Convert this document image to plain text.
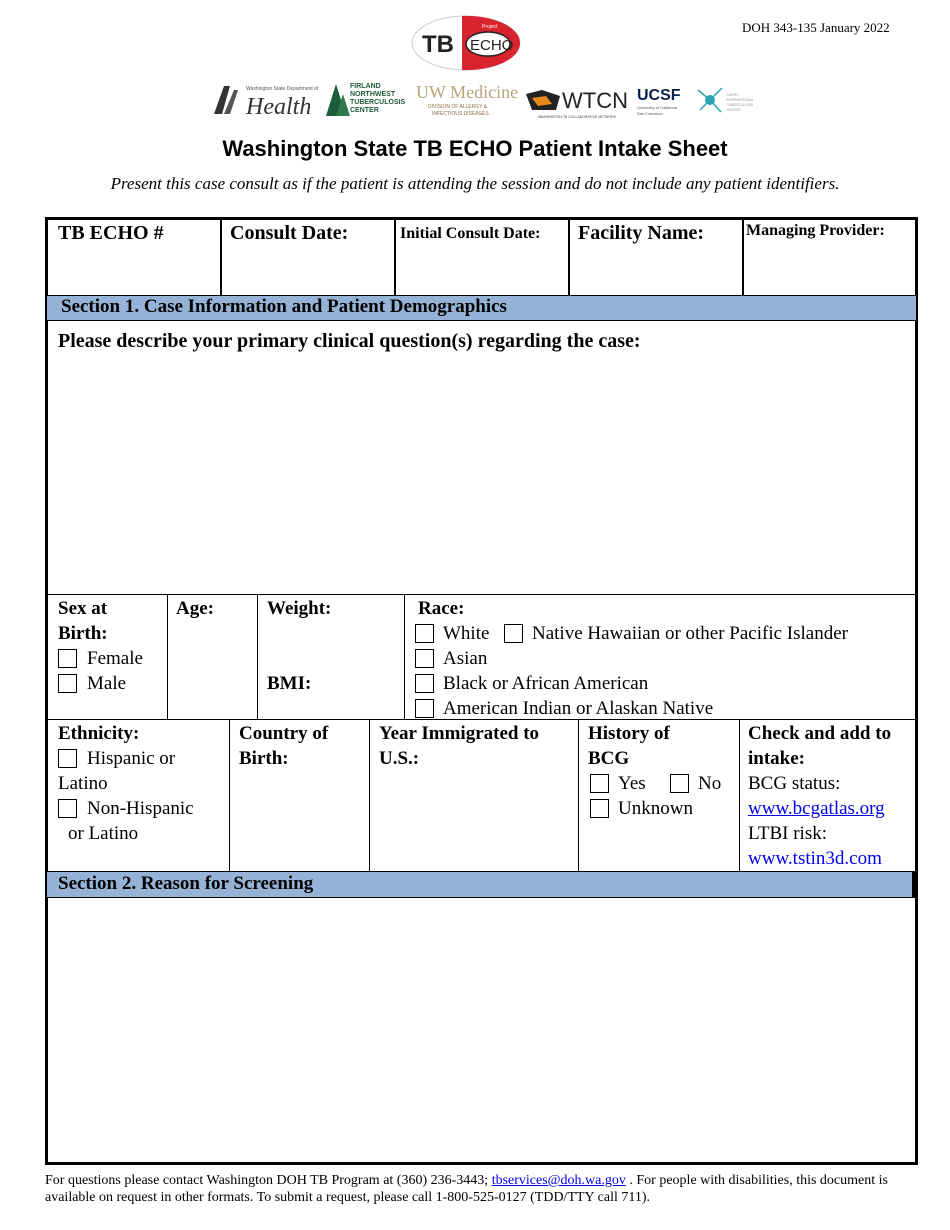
DOH 343-135 January 2022
TB ECHO
Project
Washington State Department of
Health
FIRLAND
NORTHWEST
TUBERCULOSIS
CENTER
UW Medicine
DIVISION OF ALLERGY &
INFECTIOUS DISEASES
WTCN
WASHINGTON TB COLLABORATIVE NETWORK
UCSF
University of California
San Francisco
CURRY
INTERNATIONAL
TUBERCULOSIS
CENTER
Washington State TB ECHO Patient Intake Sheet
Present this case consult as if the patient is attending the session and do not include any patient identifiers.
TB ECHO #	Consult Date:	Initial Consult Date: Facility Name:	Managing Provider:
Section 1. Case Information and Patient Demographics
Please describe your primary clinical question(s) regarding the case:
Sex at
Birth:
Female
Male
Age:	Weight:
BMI:
Race:
White Native Hawaiian or other Pacific Islander
Asian
Black or African American
American Indian or Alaskan Native
Ethnicity:
Hispanic or
Latino
Non-Hispanic
or Latino
Country of
Birth:
Year Immigrated to
U.S.:
History of
BCG
Yes	No
Unknown
Check and add to
intake:
BCG status:
www.bcgatlas.org
LTBI risk:
www.tstin3d.com
Section 2. Reason for Screening
For questions please contact Washington DOH TB Program at (360) 236-3443; tbservices@doh.wa.gov . For people with disabilities, this document is available on request in other formats. To submit a request, please call 1-800-525-0127 (TDD/TTY call 711).
